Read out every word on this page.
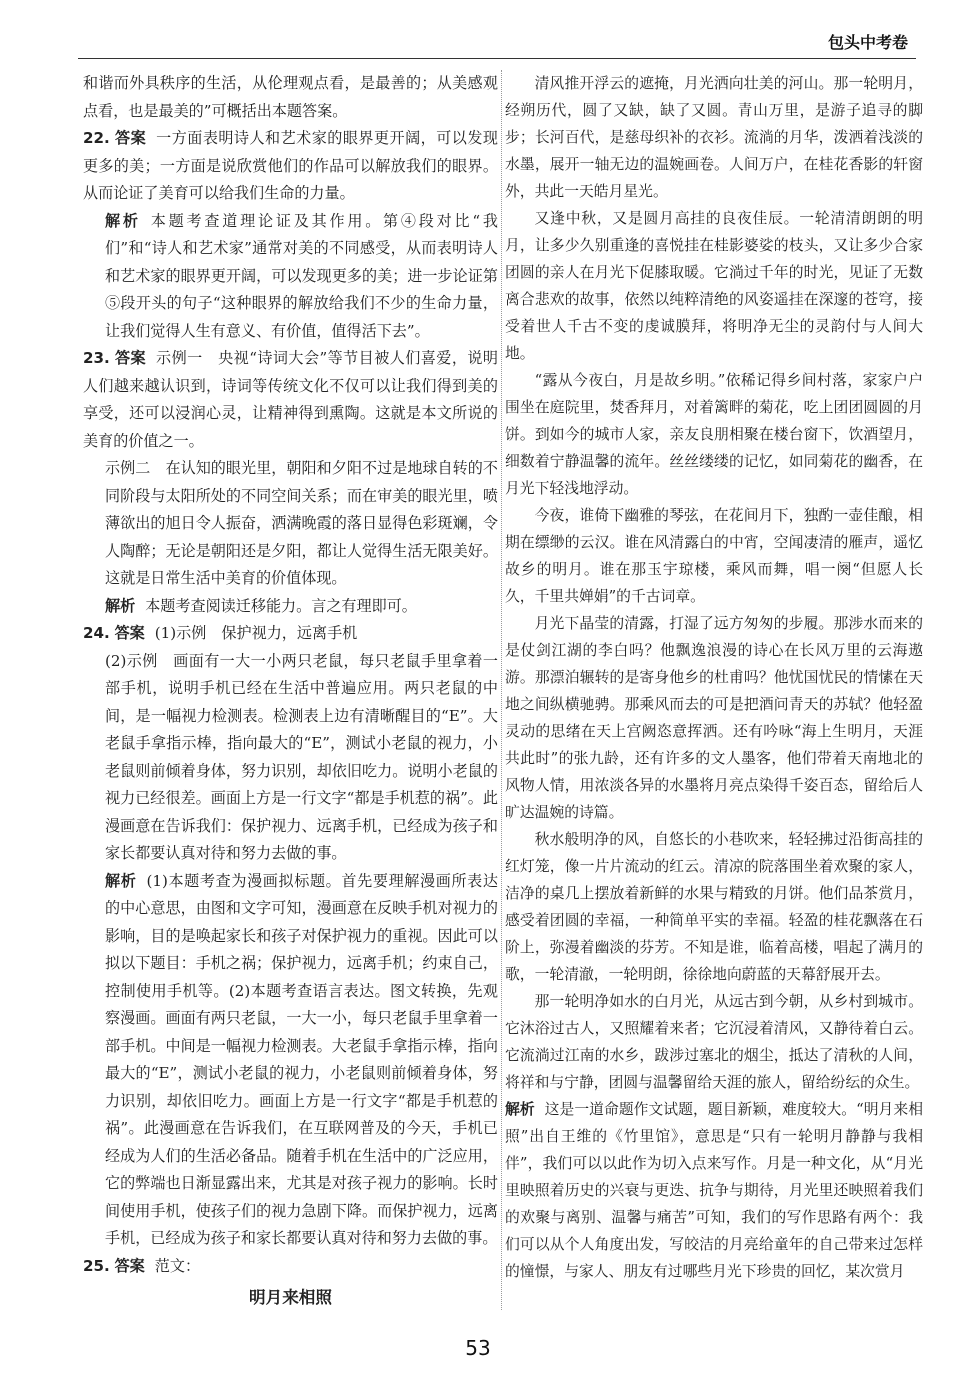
包头中考卷

和谐而外具秩序的生活，从伦理观点看，是最善的；从美感观点看，也是最美的”可概括出本题答案。

22. 答案 一方面表明诗人和艺术家的眼界更开阔，可以发现更多的美；一方面是说欣赏他们的作品可以解放我们的眼界。从而论证了美育可以给我们生命的力量。

解析 本题考查道理论证及其作用。第④段对比“我们”和“诗人和艺术家”通常对美的不同感受，从而表明诗人和艺术家的眼界更开阔，可以发现更多的美；进一步论证第⑤段开头的句子“这种眼界的解放给我们不少的生命力量，让我们觉得人生有意义、有价值，值得活下去”。

23. 答案 示例一　央视“诗词大会”等节目被人们喜爱，说明人们越来越认识到，诗词等传统文化不仅可以让我们得到美的享受，还可以浸润心灵，让精神得到熏陶。这就是本文所说的美育的价值之一。

示例二　在认知的眼光里，朝阳和夕阳不过是地球自转的不同阶段与太阳所处的不同空间关系；而在审美的眼光里，喷薄欲出的旭日令人振奋，洒满晚霞的落日显得色彩斑斓，令人陶醉；无论是朝阳还是夕阳，都让人觉得生活无限美好。这就是日常生活中美育的价值体现。

解析 本题考查阅读迁移能力。言之有理即可。

24. 答案 (1)示例　保护视力，远离手机

(2)示例　画面有一大一小两只老鼠，每只老鼠手里拿着一部手机，说明手机已经在生活中普遍应用。两只老鼠的中间，是一幅视力检测表。检测表上边有清晰醒目的“E”。大老鼠手拿指示棒，指向最大的“E”，测试小老鼠的视力，小老鼠则前倾着身体，努力识别，却依旧吃力。说明小老鼠的视力已经很差。画面上方是一行文字“都是手机惹的祸”。此漫画意在告诉我们：保护视力、远离手机，已经成为孩子和家长都要认真对待和努力去做的事。

解析 (1)本题考查为漫画拟标题。首先要理解漫画所表达的中心意思，由图和文字可知，漫画意在反映手机对视力的影响，目的是唤起家长和孩子对保护视力的重视。因此可以拟以下题目：手机之祸；保护视力，远离手机；约束自己，控制使用手机等。(2)本题考查语言表达。图文转换，先观察漫画。画面有两只老鼠，一大一小，每只老鼠手里拿着一部手机。中间是一幅视力检测表。大老鼠手拿指示棒，指向最大的“E”，测试小老鼠的视力，小老鼠则前倾着身体，努力识别，却依旧吃力。画面上方是一行文字“都是手机惹的祸”。此漫画意在告诉我们，在互联网普及的今天，手机已经成为人们的生活必备品。随着手机在生活中的广泛应用，它的弊端也日渐显露出来，尤其是对孩子视力的影响。长时间使用手机，使孩子们的视力急剧下降。而保护视力，远离手机，已经成为孩子和家长都要认真对待和努力去做的事。

25. 答案 范文：

明月来相照

清风推开浮云的遮掩，月光洒向壮美的河山。那一轮明月，经朔历代，圆了又缺，缺了又圆。青山万里，是游子追寻的脚步；长河百代，是慈母织补的衣衫。流淌的月华，泼洒着浅淡的水墨，展开一轴无边的温婉画卷。人间万户，在桂花香影的轩窗外，共此一天皓月星光。

又逢中秋，又是圆月高挂的良夜佳辰。一轮清清朗朗的明月，让多少久别重逢的喜悦挂在桂影婆娑的枝头，又让多少合家团圆的亲人在月光下促膝取暖。它淌过千年的时光，见证了无数离合悲欢的故事，依然以纯粹清绝的风姿遥挂在深邃的苍穹，接受着世人千古不变的虔诚膜拜，将明净无尘的灵韵付与人间大地。

“露从今夜白，月是故乡明。”依稀记得乡间村落，家家户户围坐在庭院里，焚香拜月，对着篱畔的菊花，吃上团团圆圆的月饼。到如今的城市人家，亲友良朋相聚在楼台窗下，饮酒望月，细数着宁静温馨的流年。丝丝缕缕的记忆，如同菊花的幽香，在月光下轻浅地浮动。

今夜，谁倚下幽雅的琴弦，在花间月下，独酌一壶佳酿，相期在缥缈的云汉。谁在风清露白的中宵，空闻凄清的雁声，遥忆故乡的明月。谁在那玉宇琼楼，乘风而舞，唱一阕“但愿人长久，千里共婵娟”的千古词章。

月光下晶莹的清露，打湿了远方匆匆的步履。那涉水而来的是仗剑江湖的李白吗？他飘逸浪漫的诗心在长风万里的云海遨游。那漂泊辗转的是寄身他乡的杜甫吗？他忧国忧民的情愫在天地之间纵横驰骋。那乘风而去的可是把酒问青天的苏轼？他轻盈灵动的思绪在天上宫阙恣意挥洒。还有吟咏“海上生明月，天涯共此时”的张九龄，还有许多的文人墨客，他们带着天南地北的风物人情，用浓淡各异的水墨将月亮点染得千姿百态，留给后人旷达温婉的诗篇。

秋水般明净的风，自悠长的小巷吹来，轻轻拂过沿街高挂的红灯笼，像一片片流动的红云。清凉的院落围坐着欢聚的家人，洁净的桌几上摆放着新鲜的水果与精致的月饼。他们品茶赏月，感受着团圆的幸福，一种简单平实的幸福。轻盈的桂花飘落在石阶上，弥漫着幽淡的芬芳。不知是谁，临着高楼，唱起了满月的歌，一轮清澈，一轮明朗，徐徐地向蔚蓝的天幕舒展开去。

那一轮明净如水的白月光，从远古到今朝，从乡村到城市。它沐浴过古人，又照耀着来者；它沉浸着清风，又静待着白云。它流淌过江南的水乡，跋涉过塞北的烟尘，抵达了清秋的人间，将祥和与宁静，团圆与温馨留给天涯的旅人，留给纷纭的众生。

解析 这是一道命题作文试题，题目新颖，难度较大。“明月来相照”出自王维的《竹里馆》，意思是“只有一轮明月静静与我相伴”，我们可以以此作为切入点来写作。月是一种文化，从“月光里映照着历史的兴衰与更迭、抗争与期待，月光里还映照着我们的欢聚与离别、温馨与痛苦”可知，我们的写作思路有两个：我们可以从个人角度出发，写皎洁的月亮给童年的自己带来过怎样的憧憬，与家人、朋友有过哪些月光下珍贵的回忆，某次赏月

53
